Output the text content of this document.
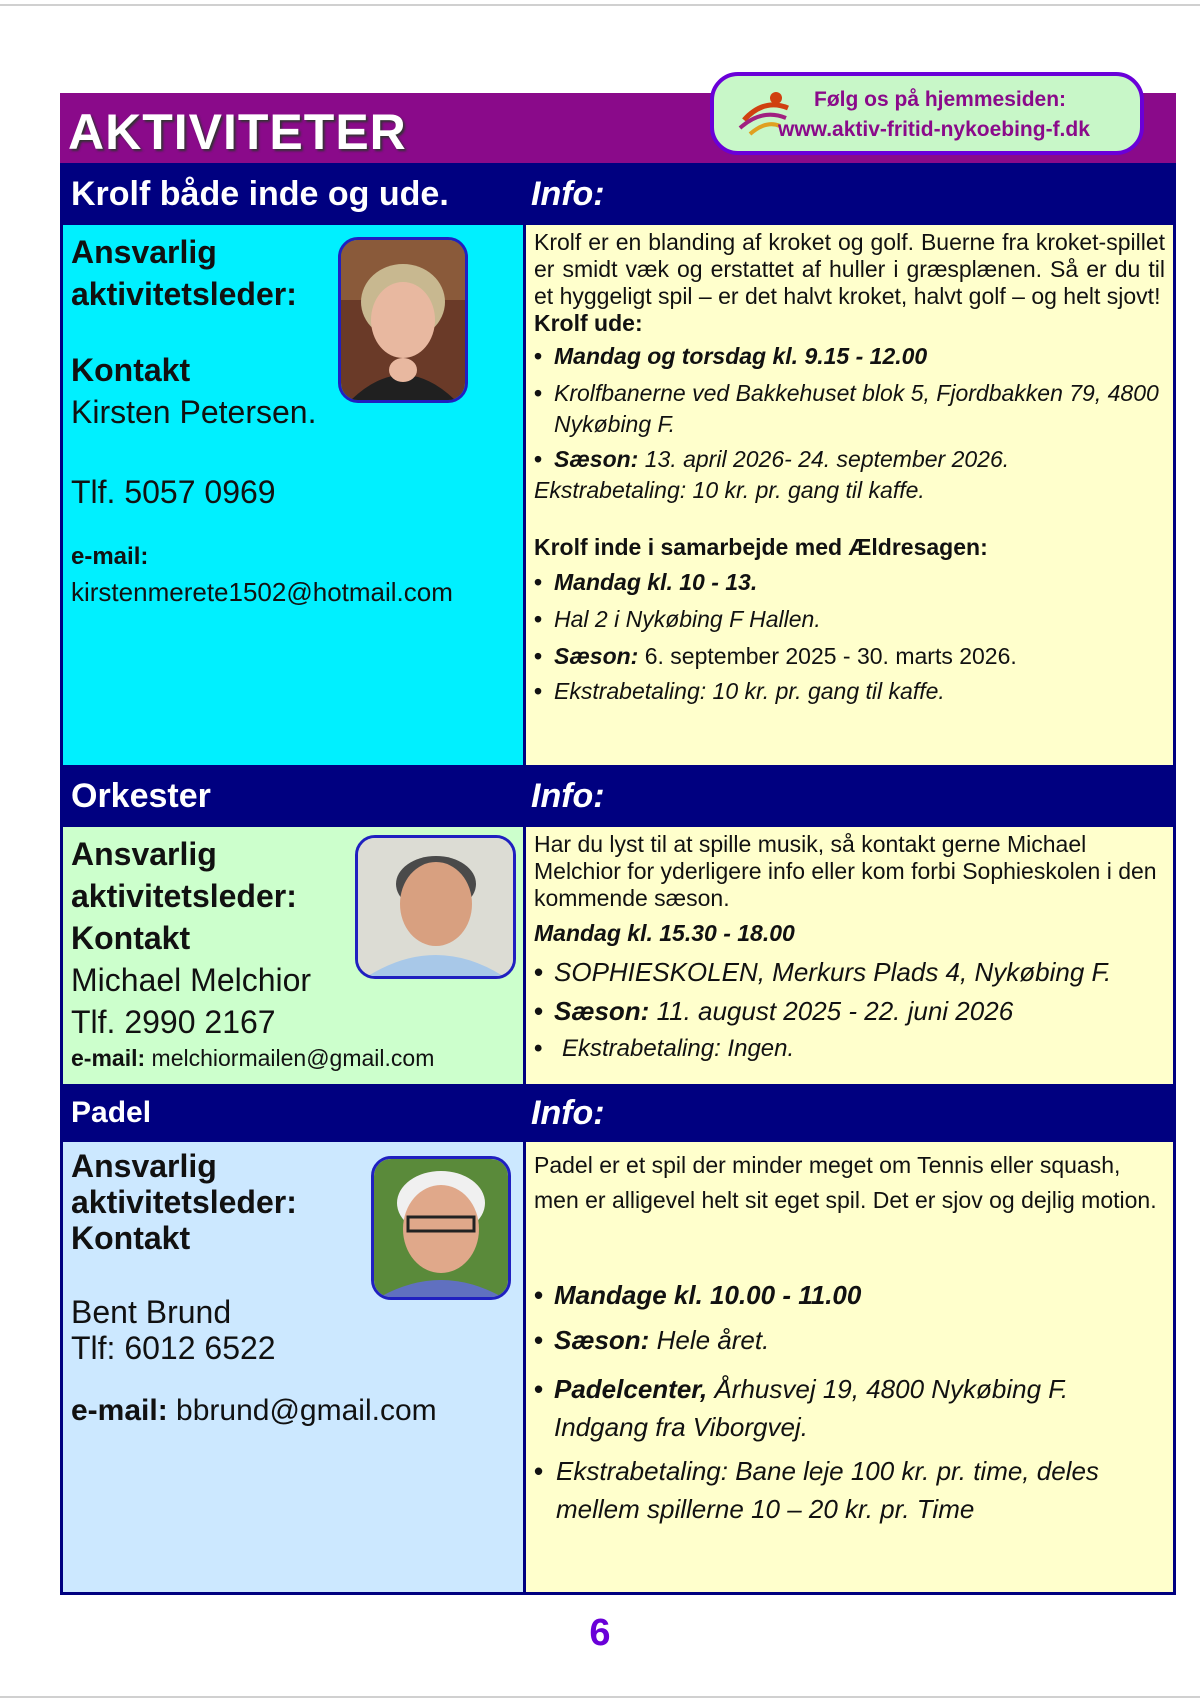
AKTIVITETER
Følg os på hjemmesiden:
www.aktiv-fritid-nykoebing-f.dk
Krolf både inde og ude.	Info:
Ansvarlig aktivitetsleder:
Kontakt
Kirsten Petersen.
Tlf. 5057 0969
e-mail:
kirstenmerete1502@hotmail.com

Krolf er en blanding af kroket og golf. Buerne fra kroket-spillet er smidt væk og erstattet af huller i græsplænen. Så er du til et hyggeligt spil – er det halvt kroket, halvt golf – og helt sjovt!

Krolf ude:

• Mandag og torsdag kl. 9.15 - 12.00
• Krolfbanerne ved Bakkehuset blok 5, Fjordbakken 79, 4800 Nykøbing F.
• Sæson: 13. april 2026- 24. september 2026.

Ekstrabetaling: 10 kr. pr. gang til kaffe.

Krolf inde i samarbejde med Ældresagen:

• Mandag kl. 10 - 13.
• Hal 2 i Nykøbing F Hallen.
• Sæson: 6. september 2025 - 30. marts 2026.
• Ekstrabetaling: 10 kr. pr. gang til kaffe.
Orkester	Info:
Ansvarlig aktivitetsleder:
Kontakt
Michael Melchior
Tlf. 2990 2167
e-mail: melchiormailen@gmail.com

Har du lyst til at spille musik, så kontakt gerne Michael Melchior for yderligere info eller kom forbi Sophieskolen i den kommende sæson.

Mandag kl. 15.30 - 18.00

• SOPHIESKOLEN, Merkurs Plads 4, Nykøbing F.
• Sæson: 11. august 2025 - 22. juni 2026
• Ekstrabetaling: Ingen.
Padel	Info:
Ansvarlig aktivitetsleder:
Kontakt
Bent Brund
Tlf: 6012 6522
e-mail: bbrund@gmail.com

Padel er et spil der minder meget om Tennis eller squash, men er alligevel helt sit eget spil. Det er sjov og dejlig motion.

• Mandage kl. 10.00 - 11.00
• Sæson: Hele året.
• Padelcenter, Århusvej 19, 4800 Nykøbing F. Indgang fra Viborgvej.
• Ekstrabetaling: Bane leje 100 kr. pr. time, deles mellem spillerne 10 – 20 kr. pr. Time
6
